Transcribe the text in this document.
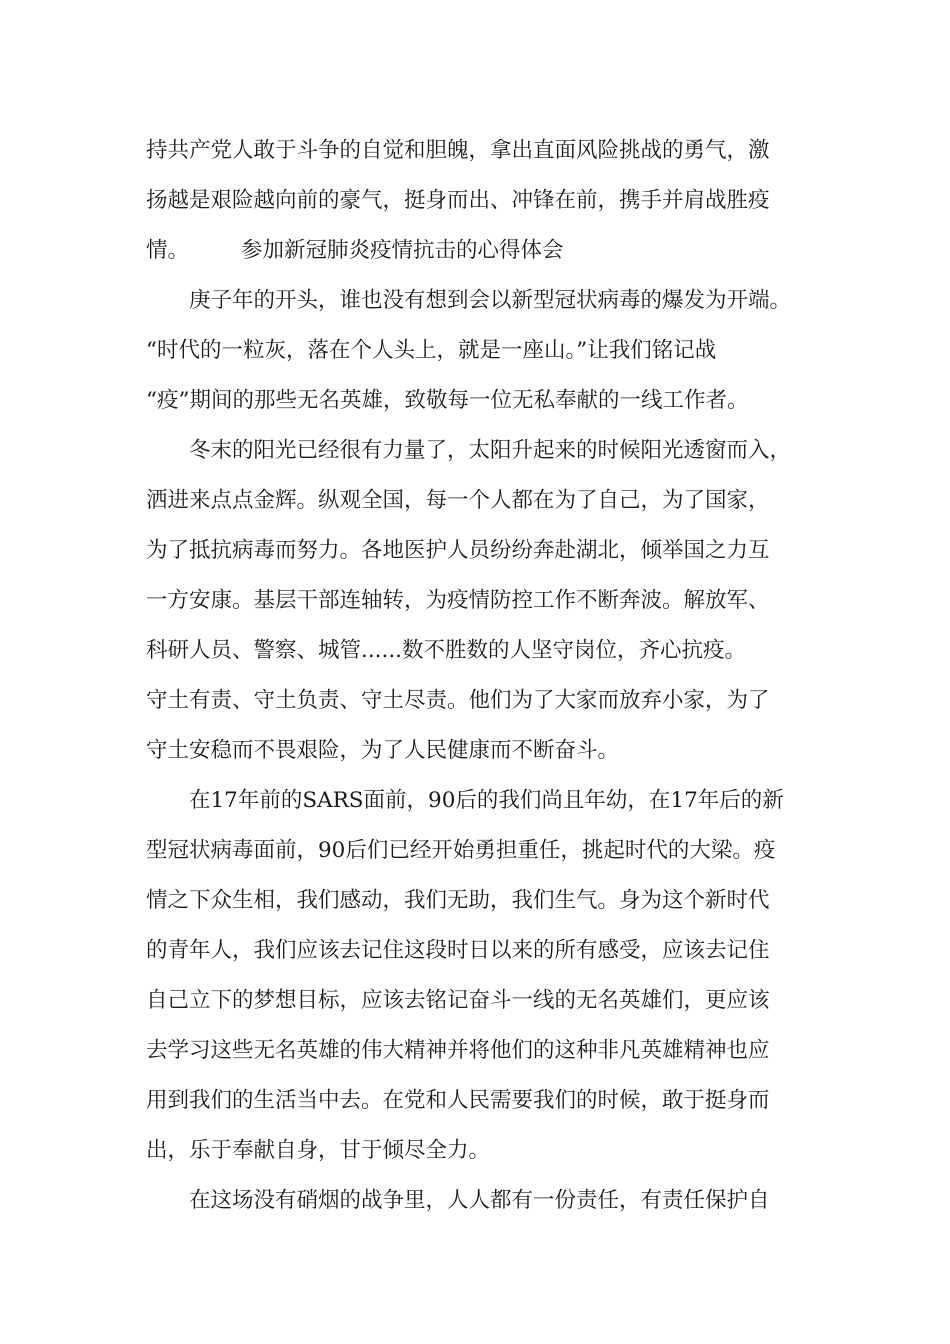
持共产党人敢于斗争的自觉和胆魄，拿出直面风险挑战的勇气，激
扬越是艰险越向前的豪气，挺身而出、冲锋在前，携手并肩战胜疫
情。 参加新冠肺炎疫情抗击的心得体会
庚子年的开头，谁也没有想到会以新型冠状病毒的爆发为开端。
“时代的一粒灰，落在个人头上，就是一座山。”让我们铭记战
“疫”期间的那些无名英雄，致敬每一位无私奉献的一线工作者。
冬末的阳光已经很有力量了，太阳升起来的时候阳光透窗而入，
洒进来点点金辉。纵观全国，每一个人都在为了自己，为了国家，
为了抵抗病毒而努力。各地医护人员纷纷奔赴湖北，倾举国之力互
一方安康。基层干部连轴转，为疫情防控工作不断奔波。解放军、
科研人员、警察、城管......数不胜数的人坚守岗位，齐心抗疫。
守土有责、守土负责、守土尽责。他们为了大家而放弃小家，为了
守土安稳而不畏艰险，为了人民健康而不断奋斗。
在17年前的SARS面前，90后的我们尚且年幼，在17年后的新
型冠状病毒面前，90后们已经开始勇担重任，挑起时代的大梁。疫
情之下众生相，我们感动，我们无助，我们生气。身为这个新时代
的青年人，我们应该去记住这段时日以来的所有感受，应该去记住
自己立下的梦想目标，应该去铭记奋斗一线的无名英雄们，更应该
去学习这些无名英雄的伟大精神并将他们的这种非凡英雄精神也应
用到我们的生活当中去。在党和人民需要我们的时候，敢于挺身而
出，乐于奉献自身，甘于倾尽全力。
在这场没有硝烟的战争里，人人都有一份责任，有责任保护自
